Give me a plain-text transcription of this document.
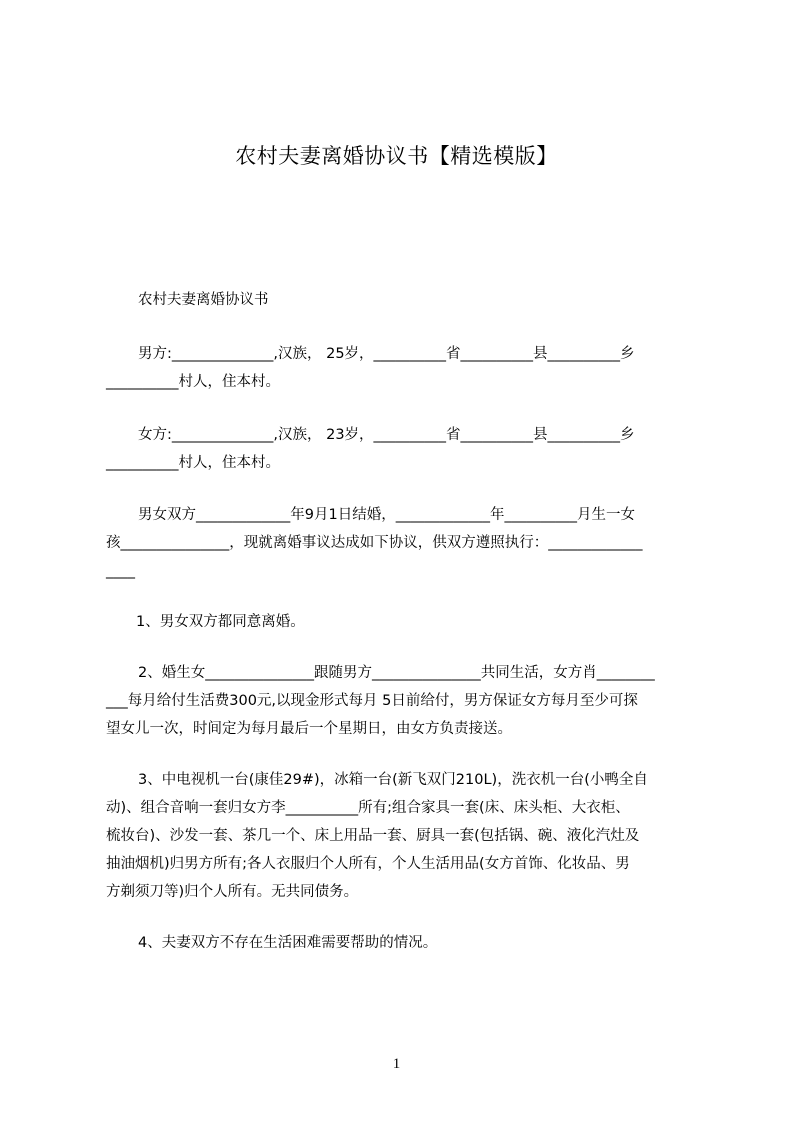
农村夫妻离婚协议书【精选模版】
农村夫妻离婚协议书
男方:______________,汉族， 25岁，__________省__________县__________乡
__________村人，住本村。
女方:______________,汉族， 23岁，__________省__________县__________乡
__________村人，住本村。
男女双方_____________年9月1日结婚，_____________年__________月生一女
孩_______________，现就离婚事议达成如下协议，供双方遵照执行：_____________
____
1、男女双方都同意离婚。
2、婚生女_______________跟随男方_______________共同生活，女方肖________
___每月给付生活费300元,以现金形式每月 5日前给付，男方保证女方每月至少可探
望女儿一次，时间定为每月最后一个星期日，由女方负责接送。
3、中电视机一台(康佳29#)，冰箱一台(新飞双门210L)，洗衣机一台(小鸭全自
动)、组合音响一套归女方李__________所有;组合家具一套(床、床头柜、大衣柜、
梳妆台)、沙发一套、茶几一个、床上用品一套、厨具一套(包括锅、碗、液化汽灶及
抽油烟机)归男方所有;各人衣服归个人所有，个人生活用品(女方首饰、化妆品、男
方剃须刀等)归个人所有。无共同债务。
4、夫妻双方不存在生活困难需要帮助的情况。
1
